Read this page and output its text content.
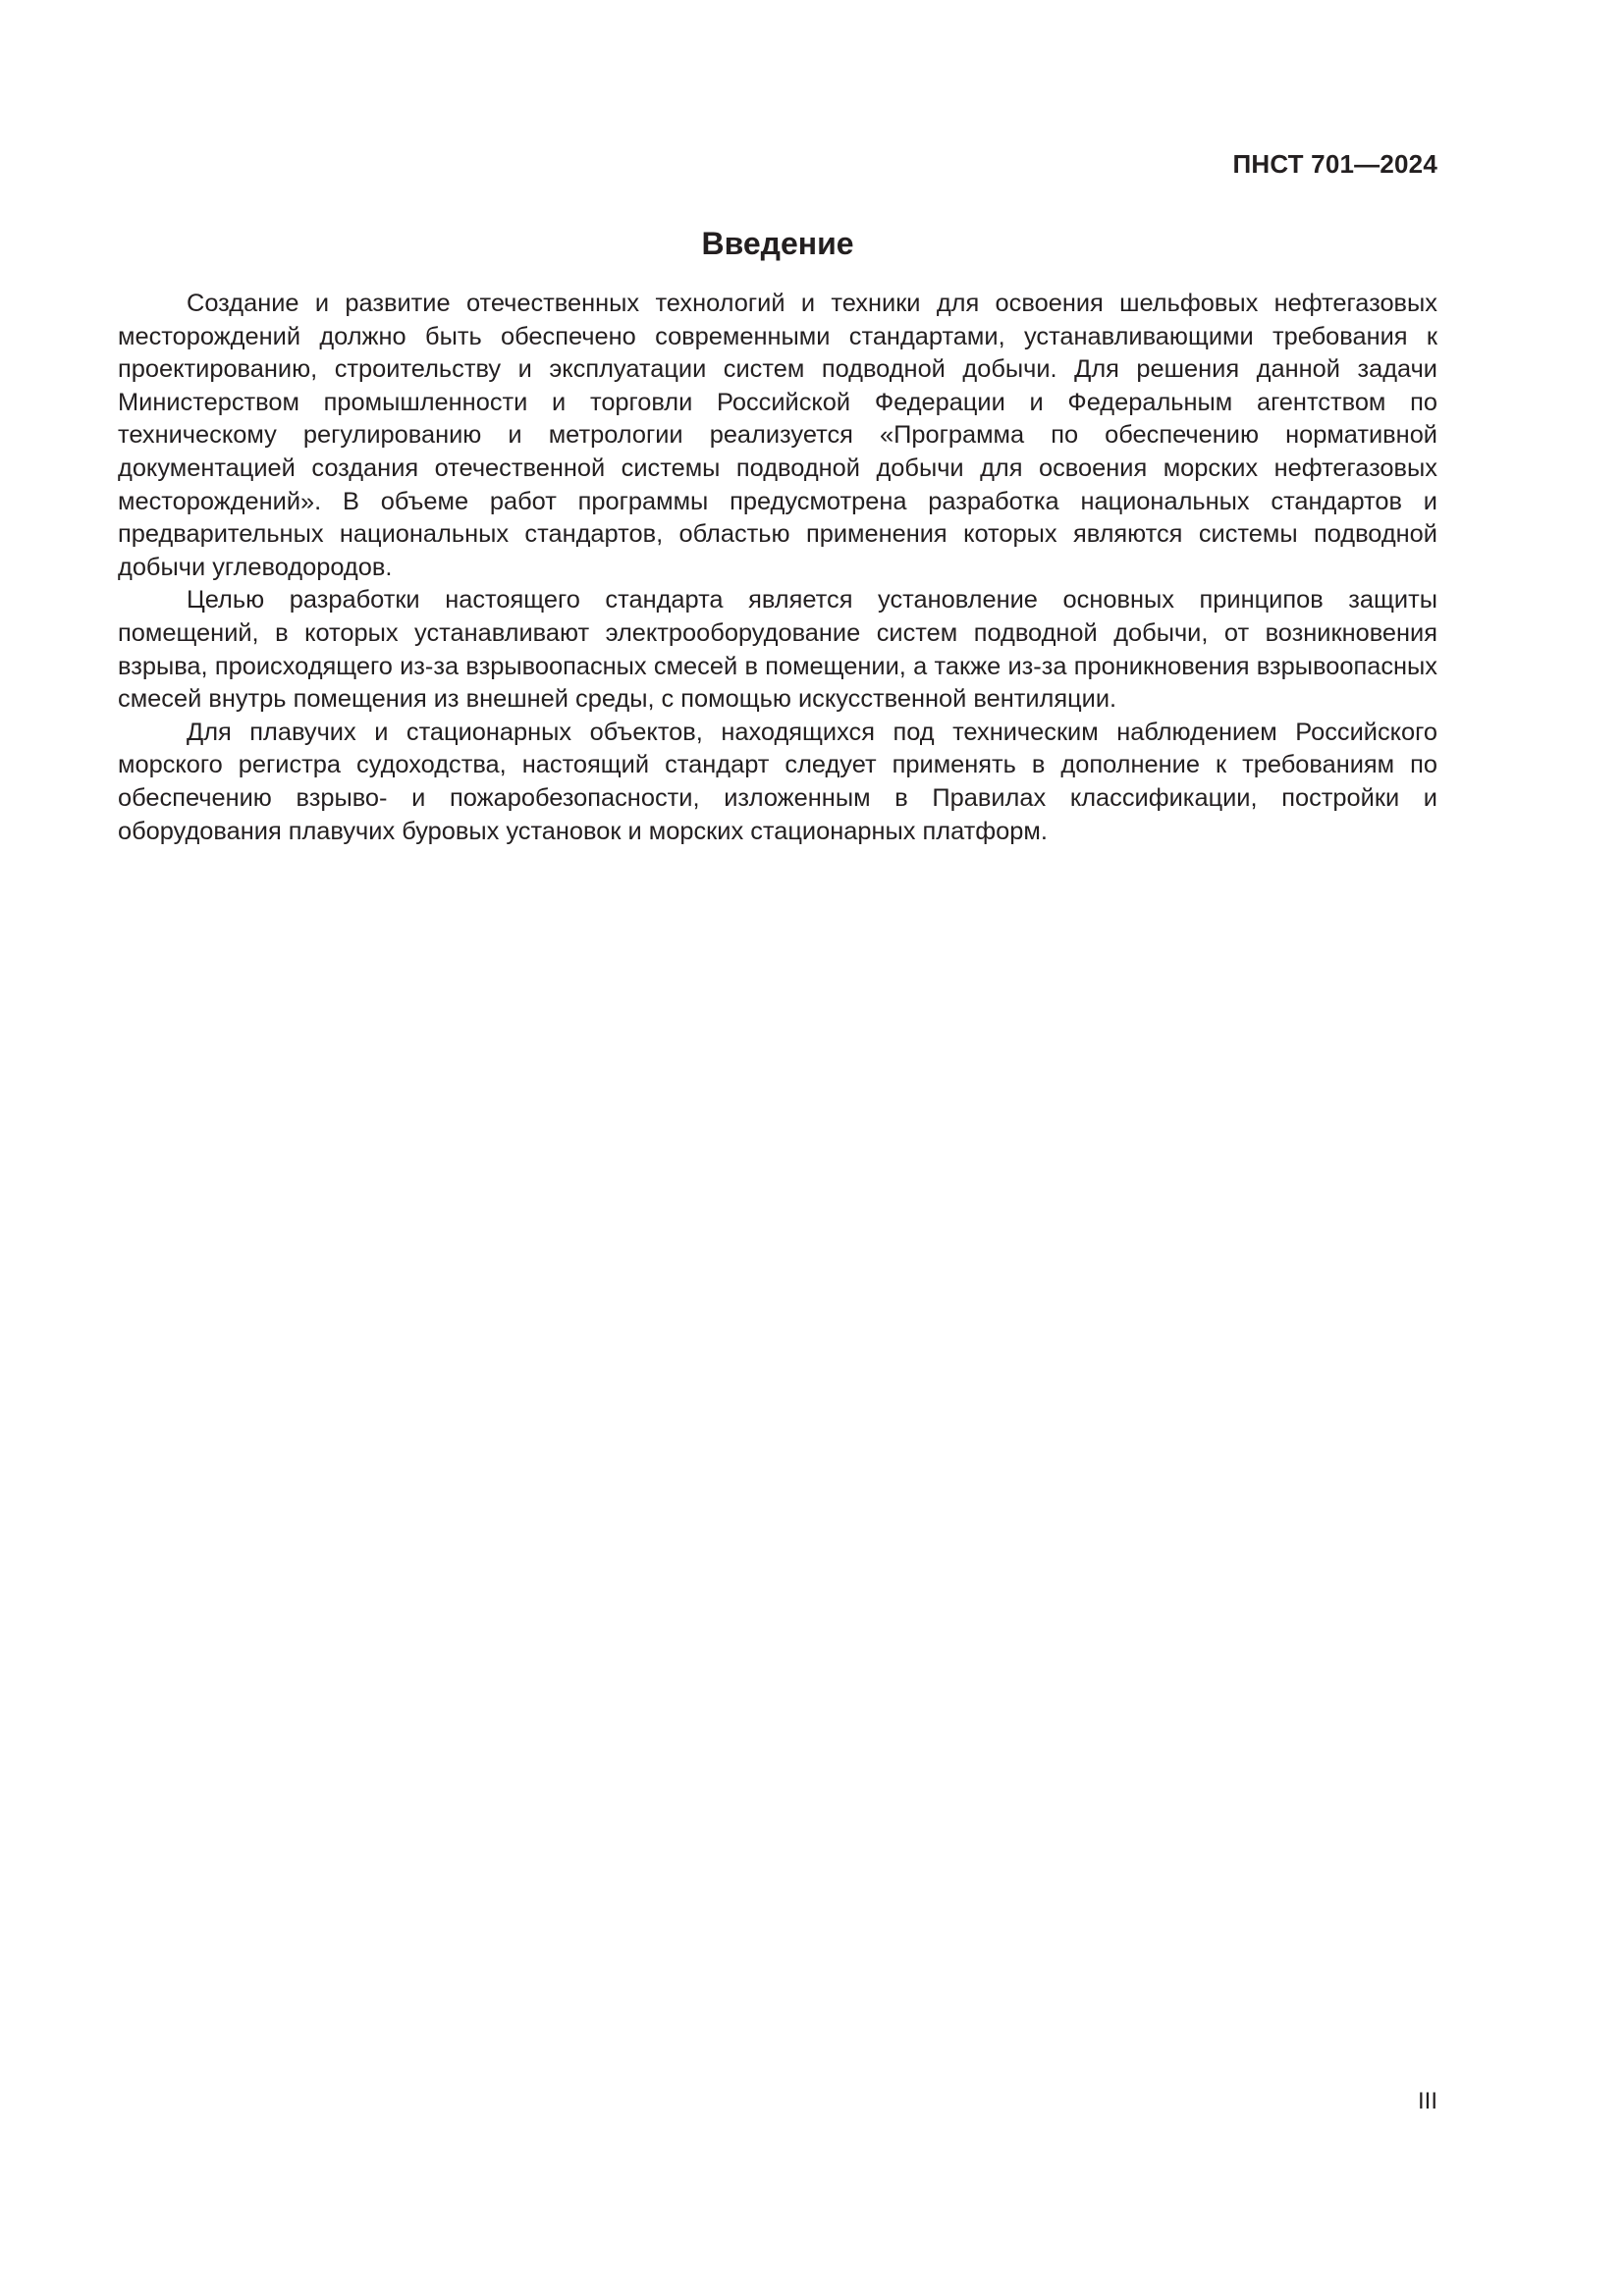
ПНСТ 701—2024
Введение

Создание и развитие отечественных технологий и техники для освоения шельфовых нефтегазовых месторождений должно быть обеспечено современными стандартами, устанавливающими требования к проектированию, строительству и эксплуатации систем подводной добычи. Для решения данной задачи Министерством промышленности и торговли Российской Федерации и Федеральным агентством по техническому регулированию и метрологии реализуется «Программа по обеспечению нормативной документацией создания отечественной системы подводной добычи для освоения морских нефтегазовых месторождений». В объеме работ программы предусмотрена разработка национальных стандартов и предварительных национальных стандартов, областью применения которых являются системы подводной добычи углеводородов.

Целью разработки настоящего стандарта является установление основных принципов защиты помещений, в которых устанавливают электрооборудование систем подводной добычи, от возникновения взрыва, происходящего из-за взрывоопасных смесей в помещении, а также из-за проникновения взрывоопасных смесей внутрь помещения из внешней среды, с помощью искусственной вентиляции.

Для плавучих и стационарных объектов, находящихся под техническим наблюдением Российского морского регистра судоходства, настоящий стандарт следует применять в дополнение к требованиям по обеспечению взрыво- и пожаробезопасности, изложенным в Правилах классификации, постройки и оборудования плавучих буровых установок и морских стационарных платформ.

III
